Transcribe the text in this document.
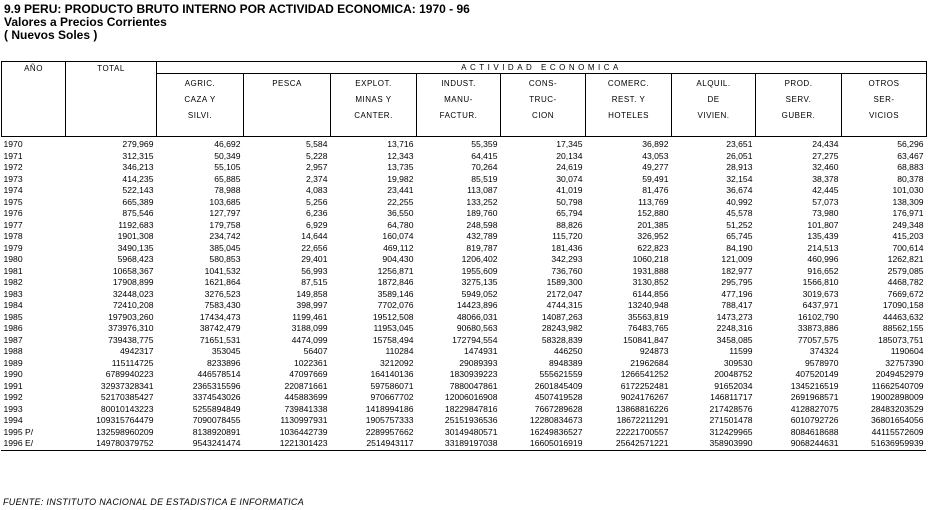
9.9 PERU: PRODUCTO BRUTO INTERNO POR ACTIVIDAD ECONOMICA: 1970 - 96
Valores a Precios Corrientes
( Nuevos Soles )
AÑO	TOTAL	ACTIVIDAD ECONOMICA								

		AGRIC.
CAZA Y
SILVI.	PESCA	EXPLOT.
MINAS Y
CANTER.	INDUST.
MANU-
FACTUR.	CONS-
TRUC-
CION	COMERC.
REST. Y
HOTELES	ALQUIL.
DE
VIVIEN.	PROD.
SERV.
GUBER.	OTROS
SER-
VICIOS

1970	279,969	46,692	5,584	13,716	55,359	17,345	36,892	23,651	24,434	56,296
1971	312,315	50,349	5,228	12,343	64,415	20,134	43,053	26,051	27,275	63,467
1972	346,213	55,105	2,957	13,735	70,264	24,619	49,277	28,913	32,460	68,883
1973	414,235	65,885	2,374	19,982	85,519	30,074	59,491	32,154	38,378	80,378
1974	522,143	78,988	4,083	23,441	113,087	41,019	81,476	36,674	42,445	101,030
1975	665,389	103,685	5,256	22,255	133,252	50,798	113,769	40,992	57,073	138,309
1976	875,546	127,797	6,236	36,550	189,760	65,794	152,880	45,578	73,980	176,971
1977	1192,683	179,758	6,929	64,780	248,598	88,826	201,385	51,252	101,807	249,348
1978	1901,308	234,742	14,644	160,074	432,789	115,720	326,952	65,745	135,439	415,203
1979	3490,135	385,045	22,656	469,112	819,787	181,436	622,823	84,190	214,513	700,614
1980	5968,423	580,853	29,401	904,430	1206,402	342,293	1060,218	121,009	460,996	1262,821
1981	10658,367	1041,532	56,993	1256,871	1955,609	736,760	1931,888	182,977	916,652	2579,085
1982	17908,899	1621,864	87,515	1872,846	3275,135	1589,300	3130,852	295,795	1566,810	4468,782
1983	32448,023	3276,523	149,858	3589,146	5949,052	2172,047	6144,856	477,196	3019,673	7669,672
1984	72410,208	7583,430	398,997	7702,076	14423,896	4744,315	13240,948	788,417	6437,971	17090,158
1985	197903,260	17434,473	1199,461	19512,508	48066,031	14087,263	35563,819	1473,273	16102,790	44463,632
1986	373976,310	38742,479	3188,099	11953,045	90680,563	28243,982	76483,765	2248,316	33873,886	88562,155
1987	739438,775	71651,531	4474,099	15758,494	172794,554	58328,839	150841,847	3458,085	77057,575	185073,751
1988	4942317	353045	56407	110284	1474931	446250	924873	11599	374324	1190604
1989	115114725	8233896	1022361	3212092	29089393	8948389	21962684	309530	9578970	32757390
1990	6789940223	446578514	47097669	164140136	1830939223	555621559	1266541252	20048752	407520149	2049452979
1991	32937328341	2365315596	220871661	597586071	7880047861	2601845409	6172252481	91652034	1345216519	11662540709
1992	52170385427	3374543026	445883699	970667702	12006016908	4507419528	9024176267	146811717	2691968571	19002898009
1993	80010143223	5255894849	739841338	1418994186	18229847816	7667289628	13868816226	217428576	4128827075	28483203529
1994	109315764479	7090078455	1130997931	1905757333	25151936536	12280834673	18672211291	271501478	6010792726	36801654056
1995 P/	132598960209	8138920891	1036442739	2289957662	30149480571	16249836527	22221700557	312429965	8084618688	44115572609
1996 E/	149780379752	9543241474	1221301423	2514943117	33189197038	16605016919	25642571221	358903990	9068244631	51636959939
FUENTE: INSTITUTO NACIONAL DE ESTADISTICA E INFORMATICA
